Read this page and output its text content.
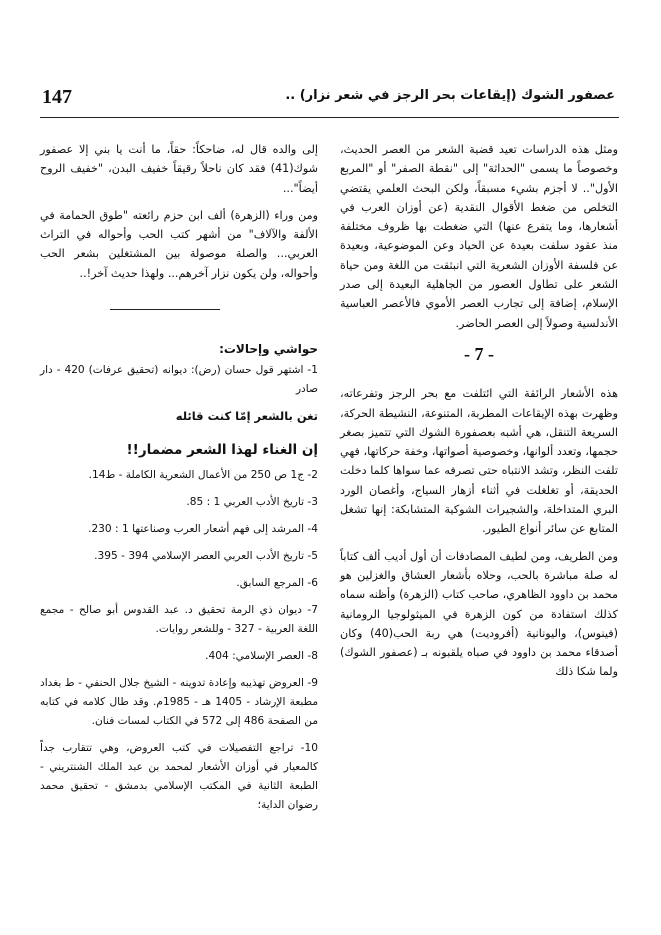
147	عصفور الشوك (إيقاعات بحر الرجز في شعر نزار) ..

ومثل هذه الدراسات تعيد قضية الشعر من العصر الحديث، وخصوصاً ما يسمى "الحداثة" إلى "نقطة الصفر" أو "المربع الأول".. لا أجزم بشيء مسبقاً، ولكن البحث العلمي يقتضي التخلص من ضغط الأقوال النقدية (عن أوزان العرب في أشعارها، وما يتفرع عنها) التي ضغطت بها ظروف مختلفة منذ عقود سلفت بعيدة عن الحياد وعن الموضوعية، وبعيدة عن فلسفة الأوزان الشعرية التي انبثقت من اللغة ومن حياة الشعر على تطاول العصور من الجاهلية البعيدة إلى صدر الإسلام، إضافة إلى تجارب العصر الأموي فالأعصر العباسية الأندلسية وصولاً إلى العصر الحاضر.

- 7 -

هذه الأشعار الرائقة التي ائتلفت مع بحر الرجز وتفرعاته، وظهرت بهذه الإيقاعات المطربة، المتنوعة، النشيطة الحركة، السريعة التنقل، هي أشبه بعصفورة الشوك التي تتميز بصغر حجمها، وتعدد ألوانها، وخصوصية أصواتها، وخفة حركاتها، فهي تلفت النظر، وتشد الانتباه حتى تصرفه عما سواها كلما دخلت الحديقة، أو تغلغلت في أثناء أزهار السياج، وأغصان الورد البري المتداخلة، والشجيرات الشوكية المتشابكة: إنها تشغل المتابع عن سائر أنواع الطيور.

ومن الطريف، ومن لطيف المصادفات أن أول أديب ألف كتاباً له صلة مباشرة بالحب، وحلاه بأشعار العشاق والغزلين هو محمد بن داوود الظاهري، صاحب كتاب (الزهرة) وأظنه سماه كذلك استفادة من كون الزهرة في الميثولوجيا الرومانية (فينوس)، واليونانية (أفروديت) هي ربة الحب(40) وكان أصدقاء محمد بن داوود في صباه يلقبونه بـ (عصفور الشوك) ولما شكا ذلك

إلى والده قال له، ضاحكاً: حقاً، ما أنت يا بني إلا عصفور شوك(41) فقد كان ناحلاً رقيقاً خفيف البدن، "خفيف الروح أيضاً"...

ومن وراء (الزهرة) ألف ابن حزم رائعته "طوق الحمامة في الألفة والآلاف" من أشهر كتب الحب وأحواله في التراث العربي... والصلة موصولة بين المشتغلين بشعر الحب وأحواله، ولن يكون نزار آخرهم... ولهذا حديث آخر!..

حواشي وإحالات:

1- اشتهر قول حسان (رض): ديوانه (تحقيق عرفات) 420 - دار صادر

تغن بالشعر إمّا كنت قائله
إن الغناء لهذا الشعر مضمار!!

2- ج1 ص 250 من الأعمال الشعرية الكاملة - ط14.

3- تاريخ الأدب العربي 1 : 85.

4- المرشد إلى فهم أشعار العرب وصناعتها 1 : 230.

5- تاريخ الأدب العربي العصر الإسلامي 394 - 395.

6- المرجع السابق.

7- ديوان ذي الرمة تحقيق د. عبد القدوس أبو صالح - مجمع اللغة العربية - 327 - وللشعر روايات.

8- العصر الإسلامي: 404.

9- العروض تهذيبه وإعادة تدوينه - الشيخ جلال الحنفي - ط بغداد مطبعة الإرشاد - 1405 هـ - 1985م. وقد طال كلامه في كتابه من الصفحة 486 إلى 572 في الكتاب لمسات فنان.

10- تراجع التفصيلات في كتب العروض، وهي تتقارب جداً كالمعيار في أوزان الأشعار لمحمد بن عبد الملك الشنتريني - الطبعة الثانية في المكتب الإسلامي بدمشق - تحقيق محمد رضوان الداية؛
